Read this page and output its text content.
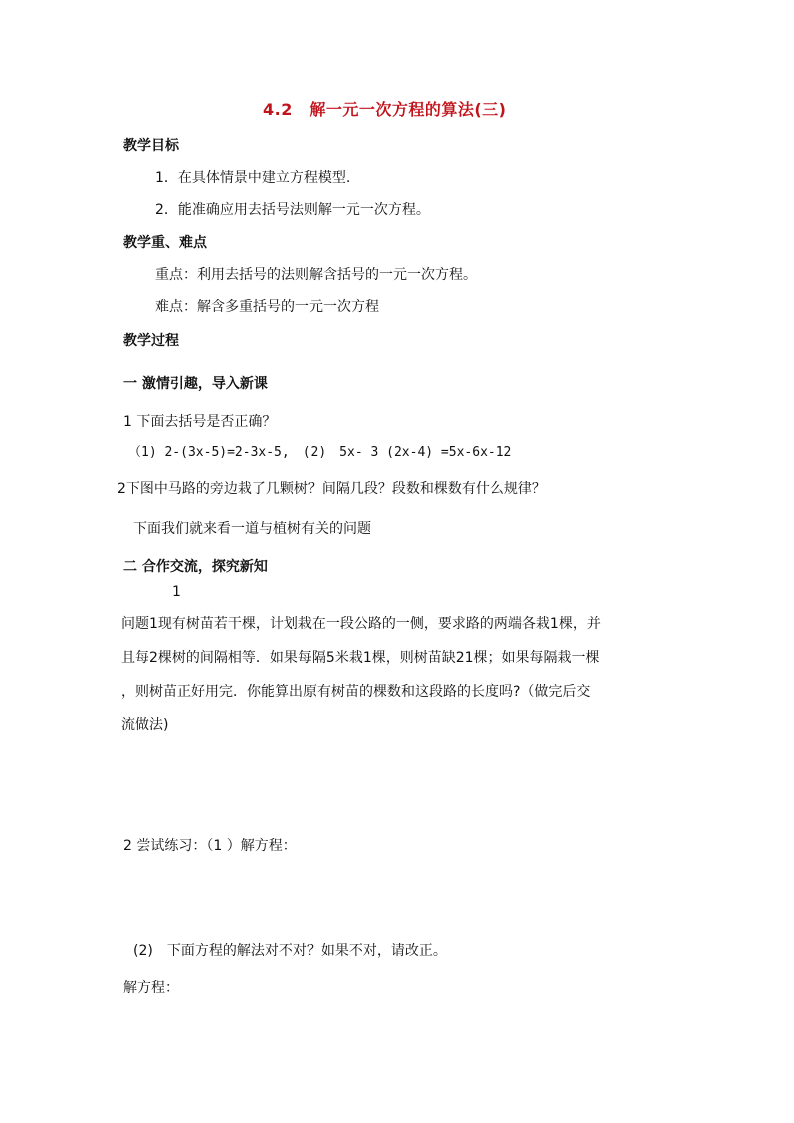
4.2　解一元一次方程的算法(三)
教学目标
1．在具体情景中建立方程模型.
2．能准确应用去括号法则解一元一次方程。
教学重、难点
重点：利用去括号的法则解含括号的一元一次方程。
难点：解含多重括号的一元一次方程
教学过程
一 激情引趣，导入新课
1 下面去括号是否正确？
（1) 2-(3x-5)=2-3x-5,　(2)　5x- 3 (2x-4) =5x-6x-12
2下图中马路的旁边栽了几颗树？间隔几段？段数和棵数有什么规律？
下面我们就来看一道与植树有关的问题
二 合作交流，探究新知
1
问题1现有树苗若干棵，计划栽在一段公路的一侧，要求路的两端各栽1棵，并
且每2棵树的间隔相等．如果每隔5米栽1棵，则树苗缺21棵；如果每隔栽一棵
，则树苗正好用完．你能算出原有树苗的棵数和这段路的长度吗?（做完后交
流做法)
2 尝试练习：（1 ）解方程：
(2)　下面方程的解法对不对？如果不对，请改正。
解方程：
